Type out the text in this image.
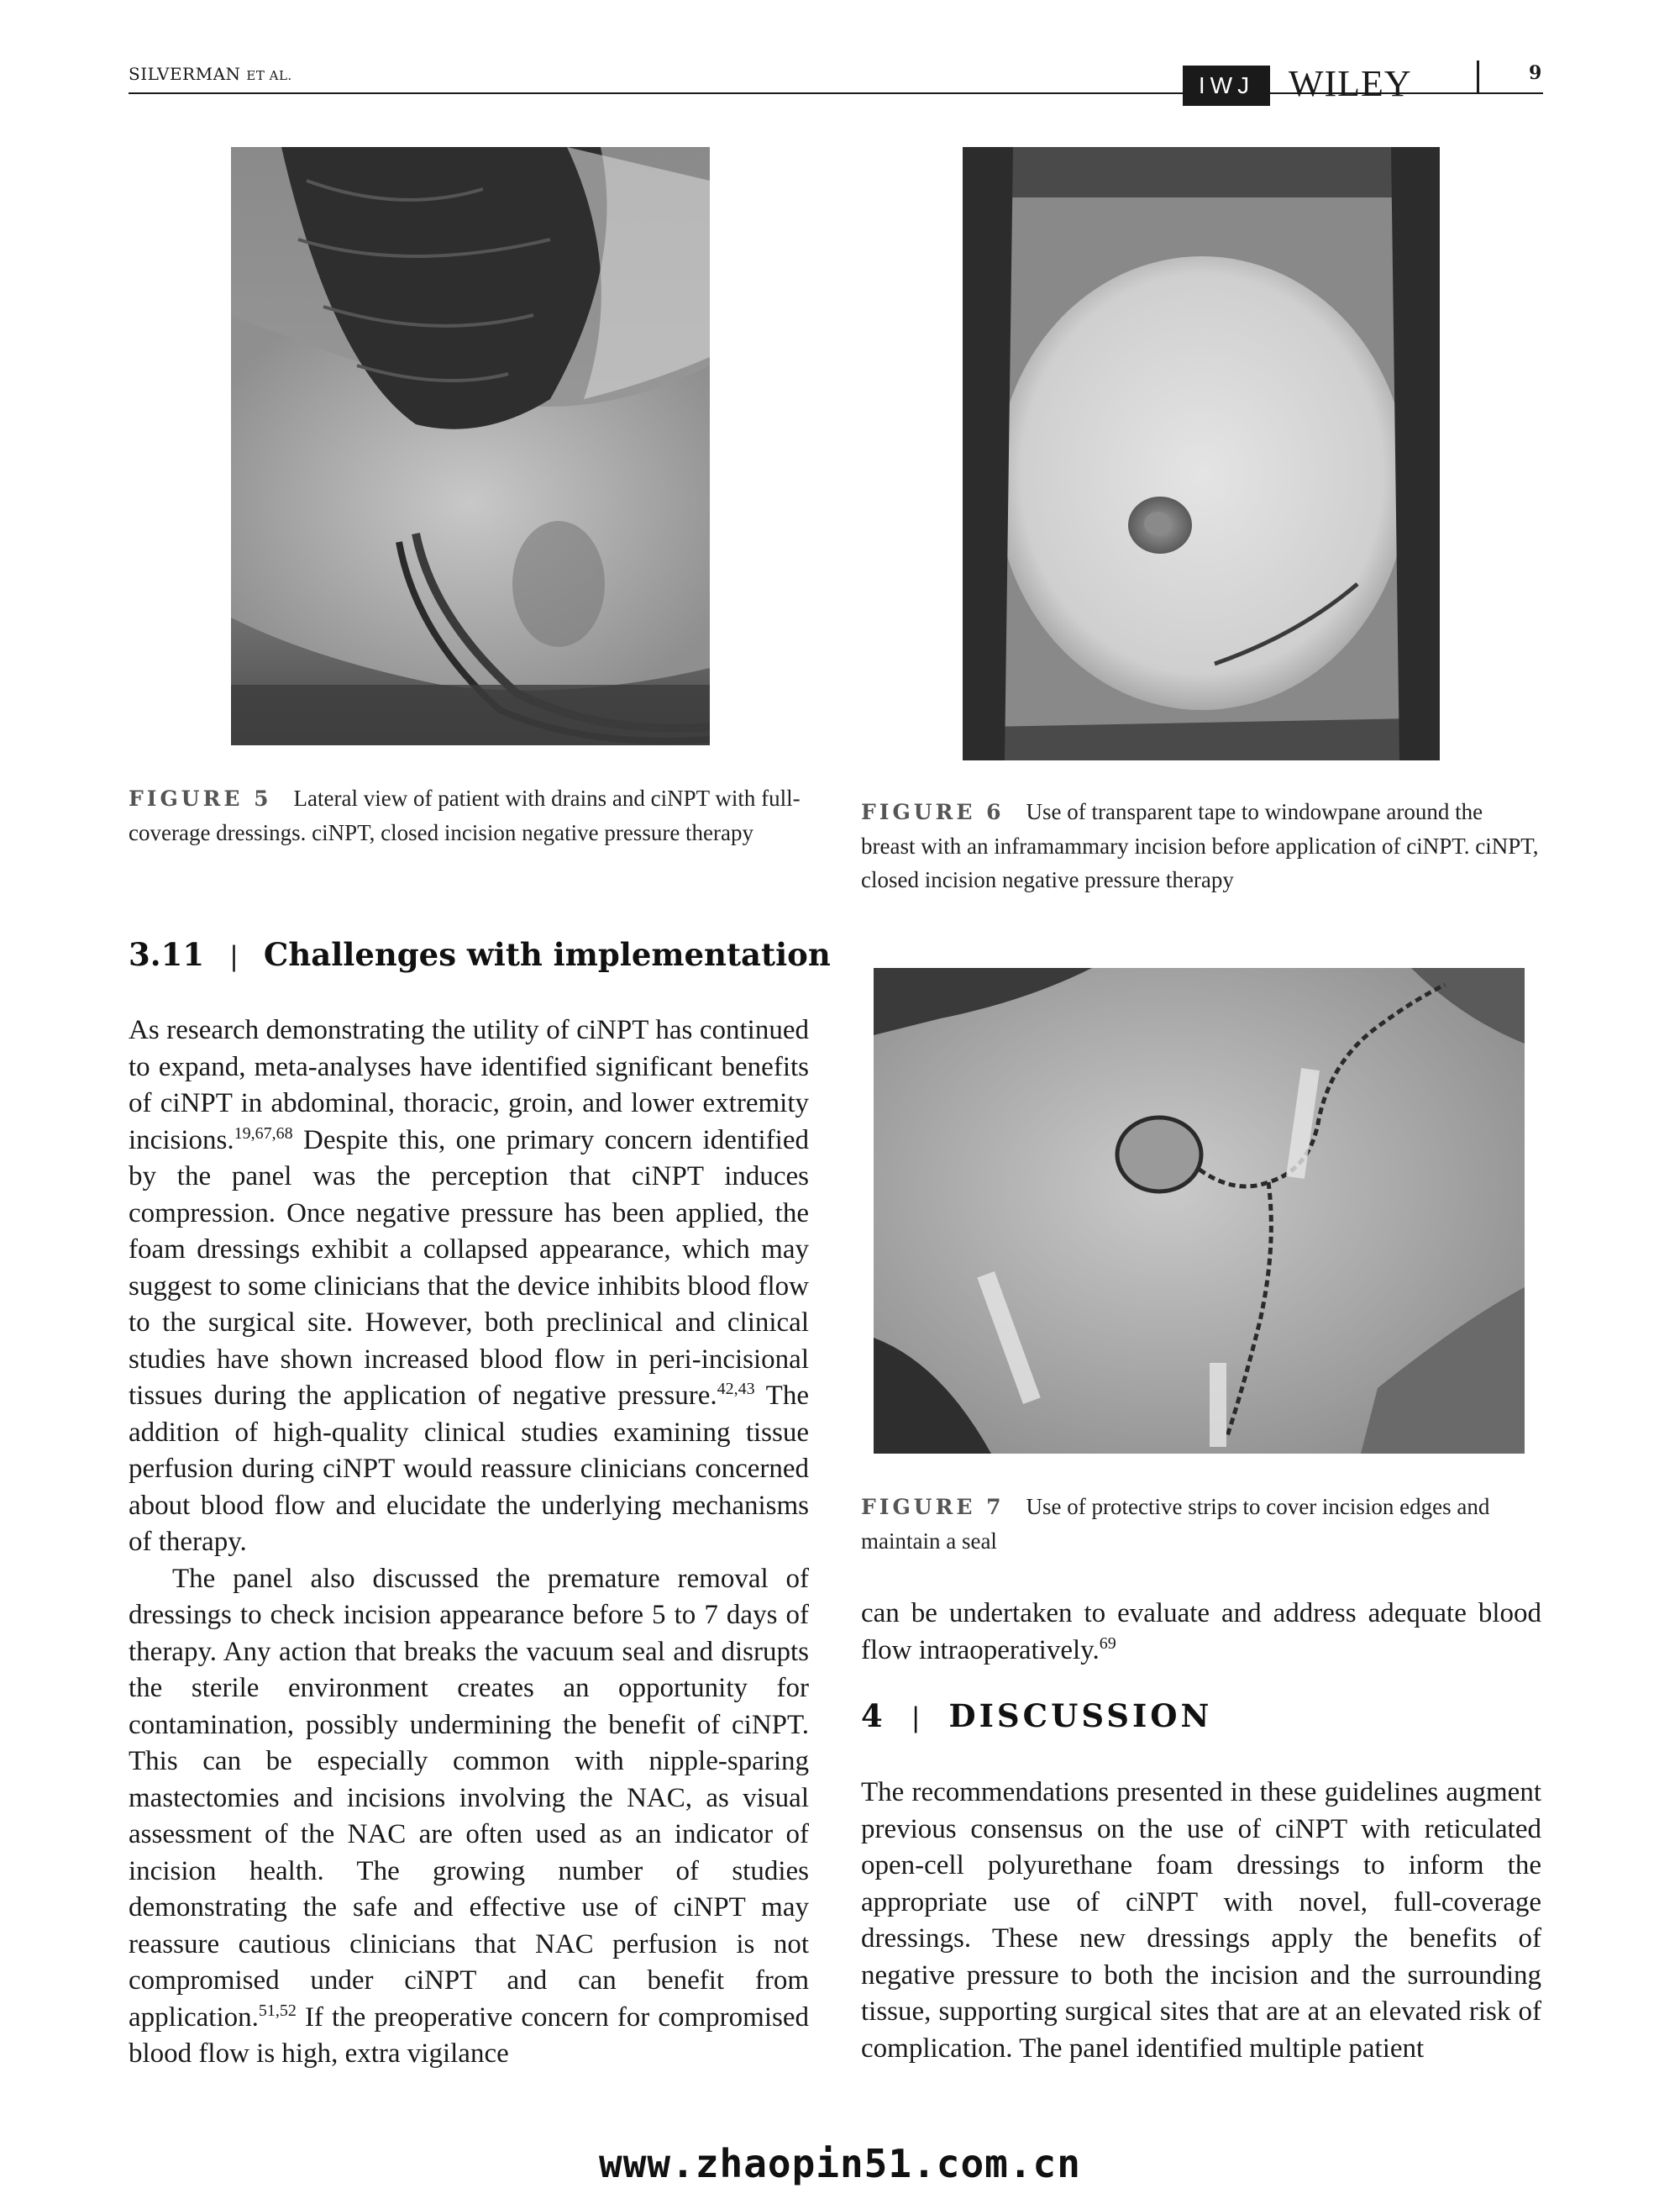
SILVERMAN ET AL.	IWJ WILEY	9
FIGURE 5 Lateral view of patient with drains and ciNPT with full-coverage dressings. ciNPT, closed incision negative pressure therapy
FIGURE 6 Use of transparent tape to windowpane around the breast with an inframammary incision before application of ciNPT. ciNPT, closed incision negative pressure therapy
FIGURE 7 Use of protective strips to cover incision edges and maintain a seal
3.11 | Challenges with implementation

As research demonstrating the utility of ciNPT has continued to expand, meta-analyses have identified significant benefits of ciNPT in abdominal, thoracic, groin, and lower extremity incisions.$^{19,67,68}$ Despite this, one primary concern identified by the panel was the perception that ciNPT induces compression. Once negative pressure has been applied, the foam dressings exhibit a collapsed appearance, which may suggest to some clinicians that the device inhibits blood flow to the surgical site. However, both preclinical and clinical studies have shown increased blood flow in peri-incisional tissues during the application of negative pressure.$^{42,43}$ The addition of high-quality clinical studies examining tissue perfusion during ciNPT would reassure clinicians concerned about blood flow and elucidate the underlying mechanisms of therapy.

The panel also discussed the premature removal of dressings to check incision appearance before 5 to 7 days of therapy. Any action that breaks the vacuum seal and disrupts the sterile environment creates an opportunity for contamination, possibly undermining the benefit of ciNPT. This can be especially common with nipple-sparing mastectomies and incisions involving the NAC, as visual assessment of the NAC are often used as an indicator of incision health. The growing number of studies demonstrating the safe and effective use of ciNPT may reassure cautious clinicians that NAC perfusion is not compromised under ciNPT and can benefit from application.$^{51,52}$ If the preoperative concern for compromised blood flow is high, extra vigilance

can be undertaken to evaluate and address adequate blood flow intraoperatively.$^{69}$

4 | DISCUSSION

The recommendations presented in these guidelines augment previous consensus on the use of ciNPT with reticulated open-cell polyurethane foam dressings to inform the appropriate use of ciNPT with novel, full-coverage dressings. These new dressings apply the benefits of negative pressure to both the incision and the surrounding tissue, supporting surgical sites that are at an elevated risk of complication. The panel identified multiple patient

www.zhaopin51.com.cn
